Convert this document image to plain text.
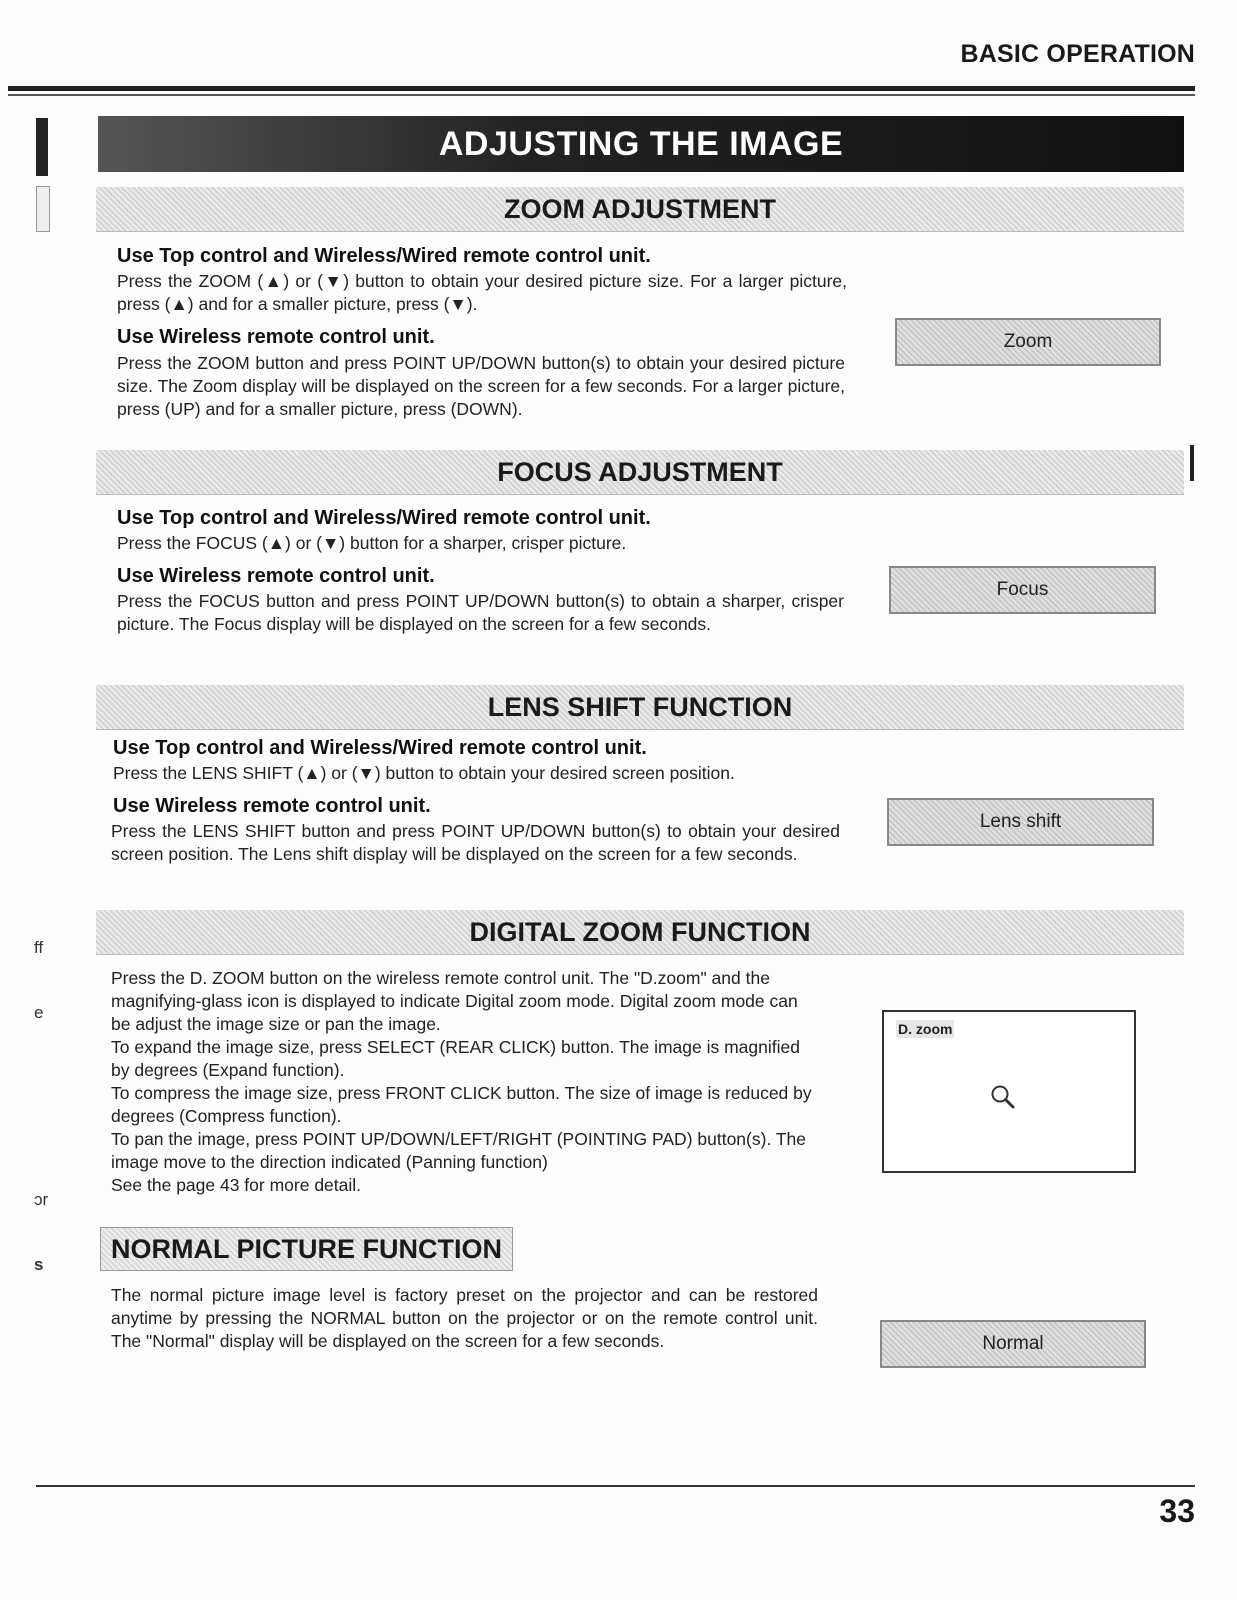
BASIC OPERATION
ADJUSTING THE IMAGE
ZOOM ADJUSTMENT
Use Top control and Wireless/Wired remote control unit.
Press the ZOOM (▲) or (▼) button to obtain your desired picture size. For a larger picture, press (▲) and for a smaller picture, press (▼).
Use Wireless remote control unit.
Press the ZOOM button and press POINT UP/DOWN button(s) to obtain your desired picture size. The Zoom display will be displayed on the screen for a few seconds. For a larger picture, press (UP) and for a smaller picture, press (DOWN).
Zoom
FOCUS ADJUSTMENT
Use Top control and Wireless/Wired remote control unit.
Press the FOCUS (▲) or (▼) button for a sharper, crisper picture.
Use Wireless remote control unit.
Press the FOCUS button and press POINT UP/DOWN button(s) to obtain a sharper, crisper picture. The Focus display will be displayed on the screen for a few seconds.
Focus
LENS SHIFT FUNCTION
Use Top control and Wireless/Wired remote control unit.
Press the LENS SHIFT (▲) or (▼) button to obtain your desired screen position.
Use Wireless remote control unit.
Press the LENS SHIFT button and press POINT UP/DOWN button(s) to obtain your desired screen position. The Lens shift display will be displayed on the screen for a few seconds.
Lens shift
DIGITAL ZOOM FUNCTION
Press the D. ZOOM button on the wireless remote control unit. The "D.zoom" and the magnifying-glass icon is displayed to indicate Digital zoom mode. Digital zoom mode can be adjust the image size or pan the image.
To expand the image size, press SELECT (REAR CLICK) button. The image is magnified by degrees (Expand function).
To compress the image size, press FRONT CLICK button. The size of image is reduced by degrees (Compress function).
To pan the image, press POINT UP/DOWN/LEFT/RIGHT (POINTING PAD) button(s). The image move to the direction indicated (Panning function)
See the page 43 for more detail.
D. zoom
NORMAL PICTURE FUNCTION
The normal picture image level is factory preset on the projector and can be restored anytime by pressing the NORMAL button on the projector or on the remote control unit. The "Normal" display will be displayed on the screen for a few seconds.	Normal
ff
e
ɔr
s
33
